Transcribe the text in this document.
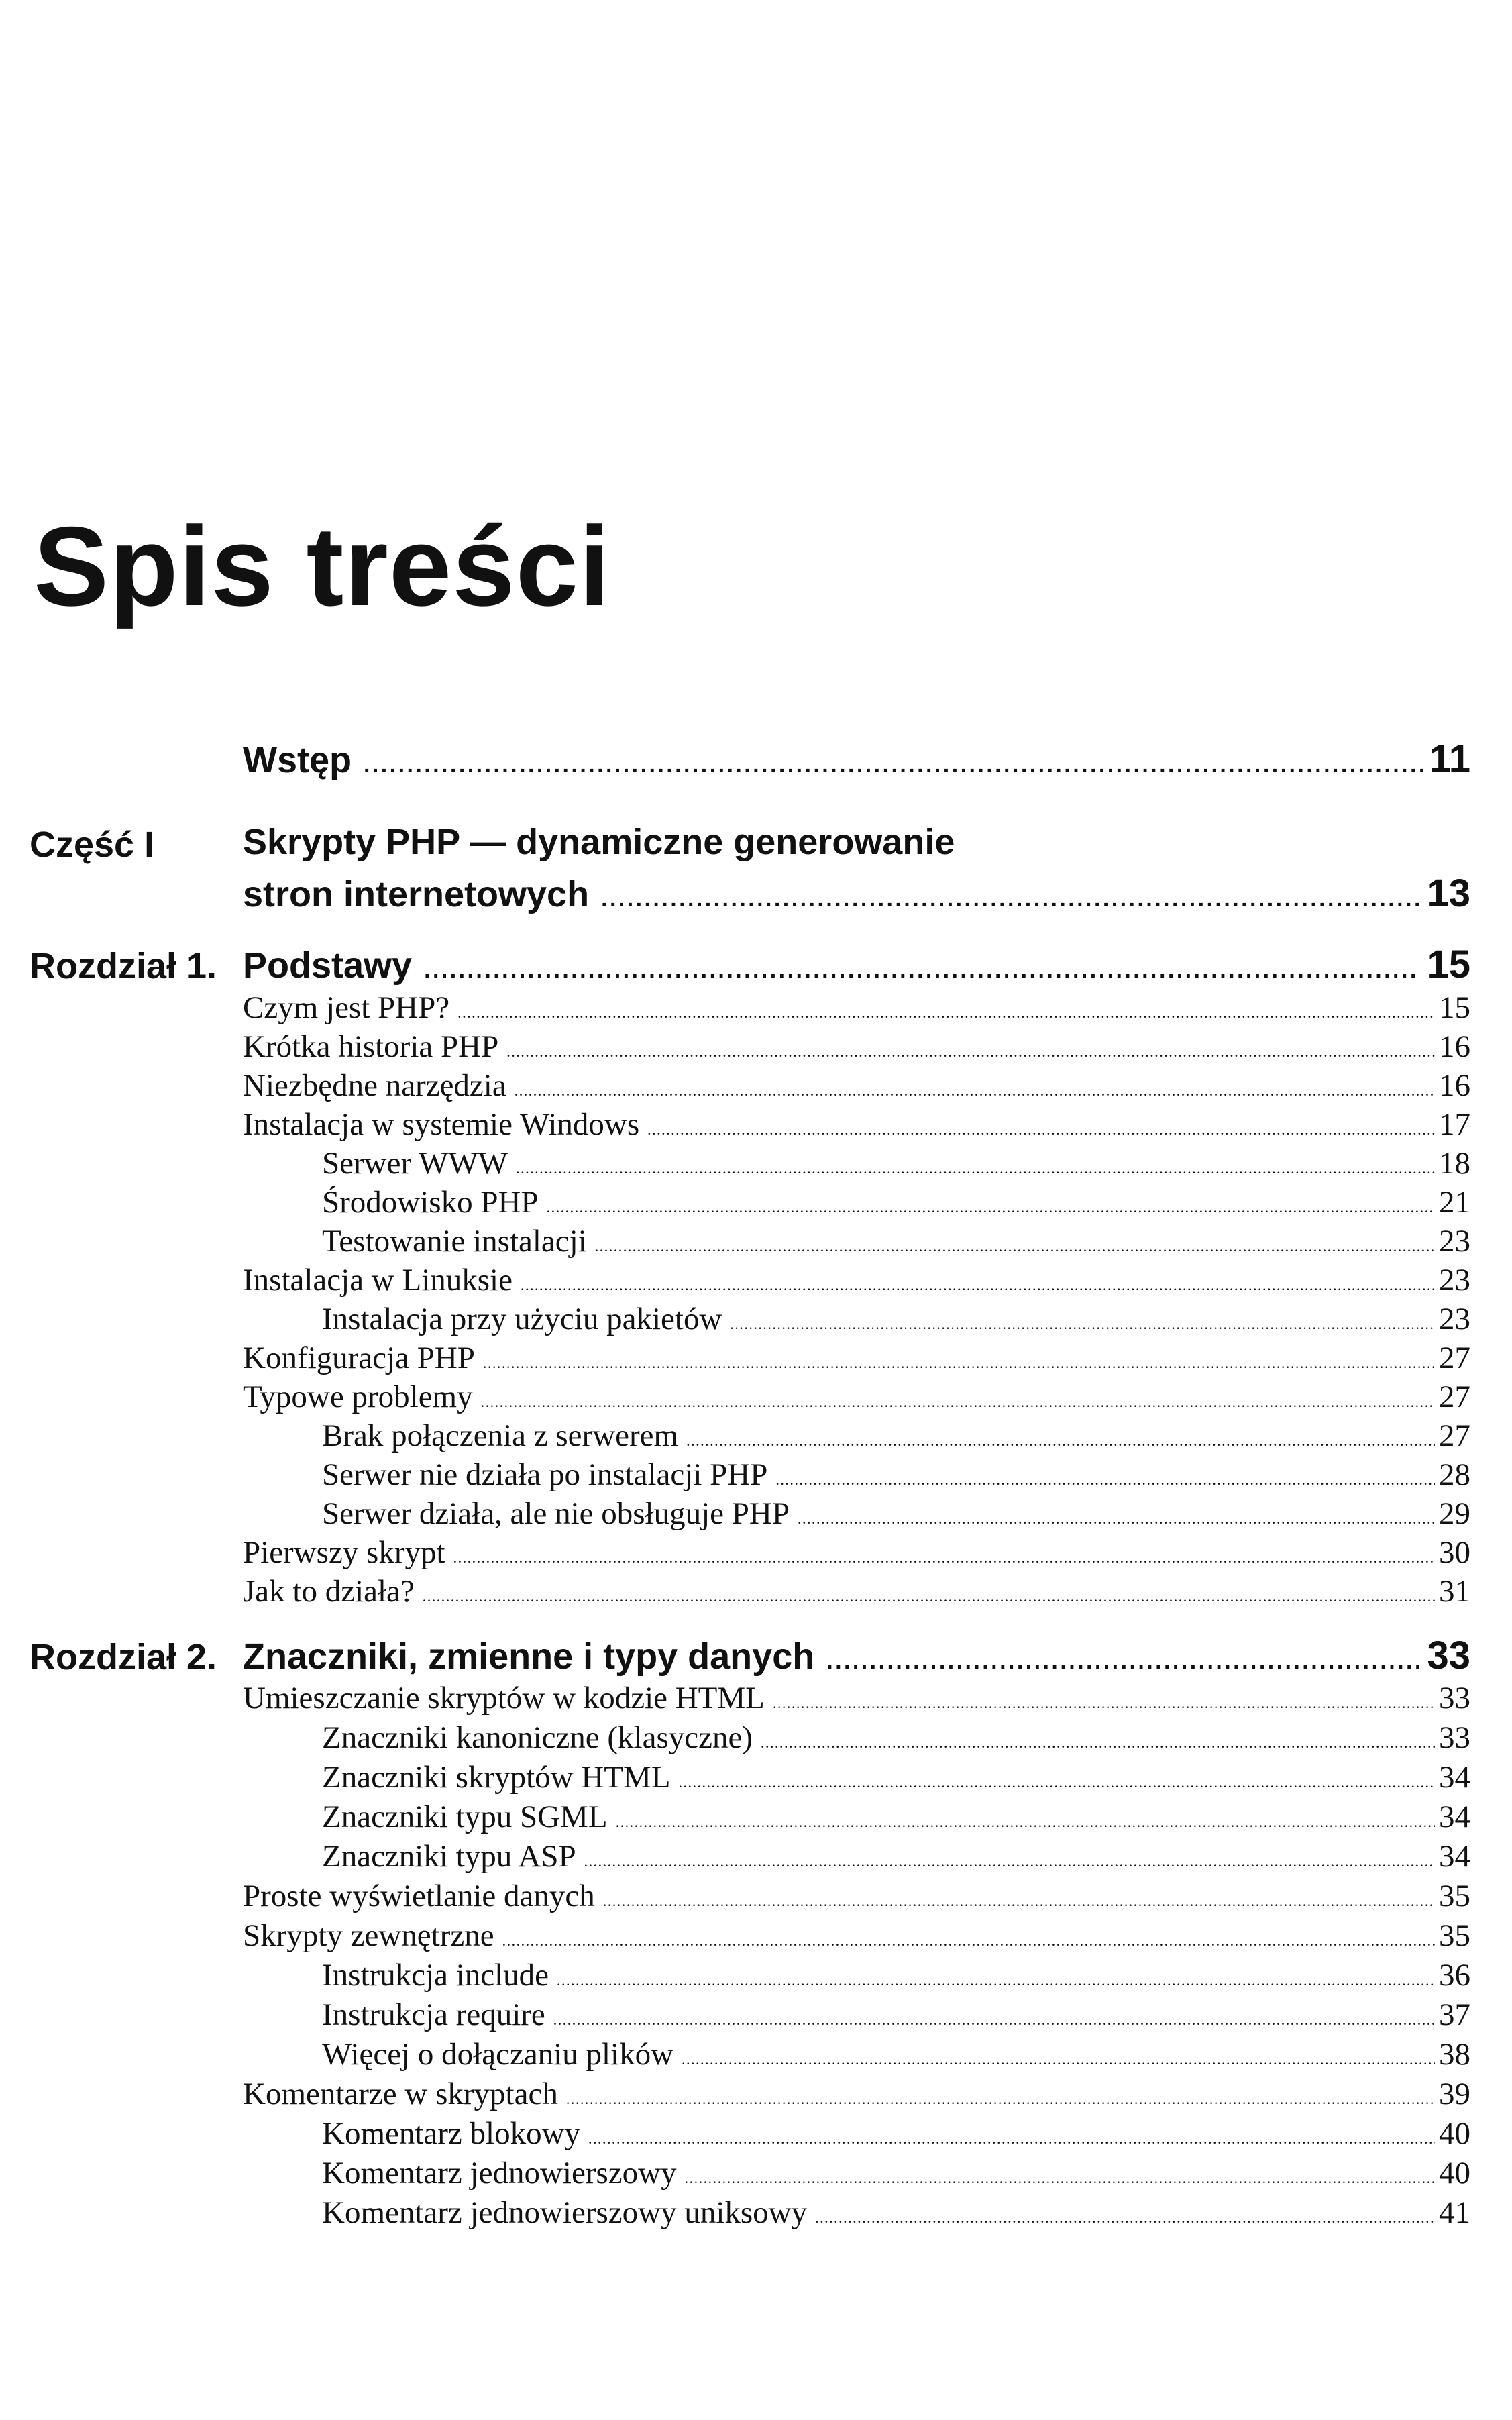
Spis treści
Wstęp . . .	11
Część I Skrypty PHP — dynamiczne generowanie
stron internetowych . . .	13
Rozdział 1. Podstawy . . .	15
Czym jest PHP? . . .	15
Krótka historia PHP . . .	16
Niezbędne narzędzia . . .	16
Instalacja w systemie Windows . . .	17
Serwer WWW . . .	18
Środowisko PHP . . .	21
Testowanie instalacji . . .	23
Instalacja w Linuksie . . .	23
Instalacja przy użyciu pakietów . . .	23
Konfiguracja PHP . . .	27
Typowe problemy . . .	27
Brak połączenia z serwerem . . .	27
Serwer nie działa po instalacji PHP . . .	28
Serwer działa, ale nie obsługuje PHP . . .	29
Pierwszy skrypt . . .	30
Jak to działa? . . .	31
Rozdział 2. Znaczniki, zmienne i typy danych . . .	33
Umieszczanie skryptów w kodzie HTML . . .	33
Znaczniki kanoniczne (klasyczne) . . .	33
Znaczniki skryptów HTML . . .	34
Znaczniki typu SGML . . .	34
Znaczniki typu ASP . . .	34
Proste wyświetlanie danych . . .	35
Skrypty zewnętrzne . . .	35
Instrukcja include . . .	36
Instrukcja require . . .	37
Więcej o dołączaniu plików . . .	38
Komentarze w skryptach . . .	39
Komentarz blokowy . . .	40
Komentarz jednowierszowy . . .	40
Komentarz jednowierszowy uniksowy . . .	41
